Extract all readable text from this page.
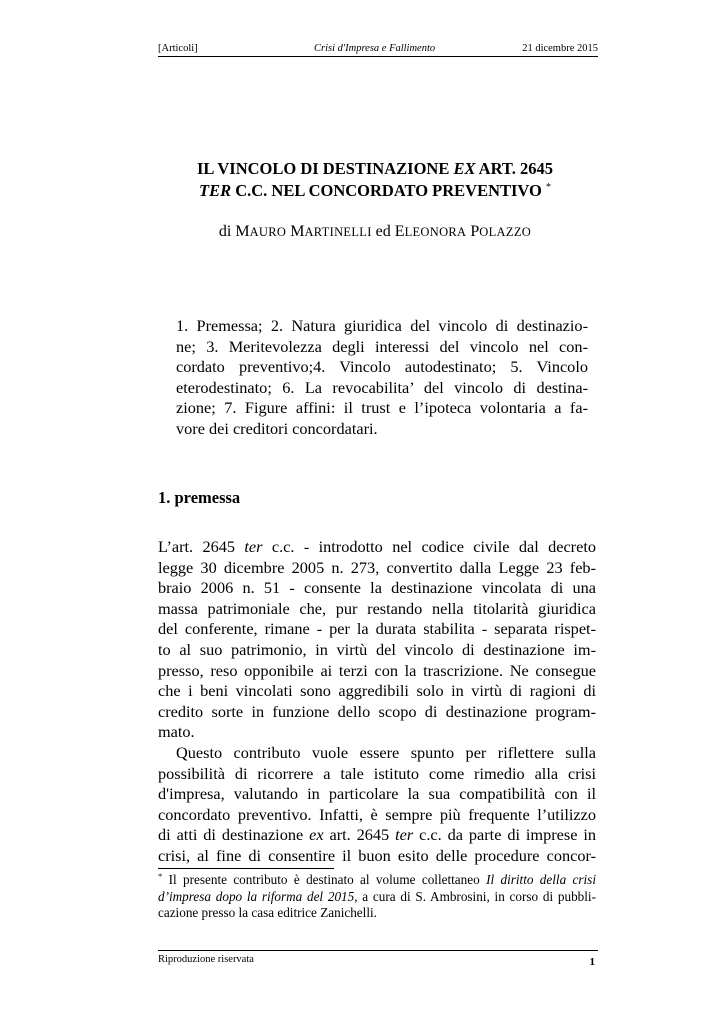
[Articoli]	Crisi d'Impresa e Fallimento	21 dicembre 2015
IL VINCOLO DI DESTINAZIONE EX ART. 2645
TER C.C. NEL CONCORDATO PREVENTIVO *
di MAURO MARTINELLI ed ELEONORA POLAZZO
1. Premessa; 2. Natura giuridica del vincolo di destinazio-
ne; 3. Meritevolezza degli interessi del vincolo nel con-
cordato preventivo;4. Vincolo autodestinato; 5. Vincolo
eterodestinato; 6. La revocabilita’ del vincolo di destina-
zione; 7. Figure affini: il trust e l’ipoteca volontaria a fa-
vore dei creditori concordatari.
1. premessa
L’art. 2645 ter c.c. - introdotto nel codice civile dal decreto
legge 30 dicembre 2005 n. 273, convertito dalla Legge 23 feb-
braio 2006 n. 51 - consente la destinazione vincolata di una
massa patrimoniale che, pur restando nella titolarità giuridica
del conferente, rimane - per la durata stabilita - separata rispet-
to al suo patrimonio, in virtù del vincolo di destinazione im-
presso, reso opponibile ai terzi con la trascrizione. Ne consegue
che i beni vincolati sono aggredibili solo in virtù di ragioni di
credito sorte in funzione dello scopo di destinazione program-
mato.
Questo contributo vuole essere spunto per riflettere sulla
possibilità di ricorrere a tale istituto come rimedio alla crisi
d'impresa, valutando in particolare la sua compatibilità con il
concordato preventivo. Infatti, è sempre più frequente l’utilizzo
di atti di destinazione ex art. 2645 ter c.c. da parte di imprese in
crisi, al fine di consentire il buon esito delle procedure concor-
* Il presente contributo è destinato al volume collettaneo Il diritto della crisi
d’impresa dopo la riforma del 2015, a cura di S. Ambrosini, in corso di pubbli-
cazione presso la casa editrice Zanichelli.
Riproduzione riservata	1
